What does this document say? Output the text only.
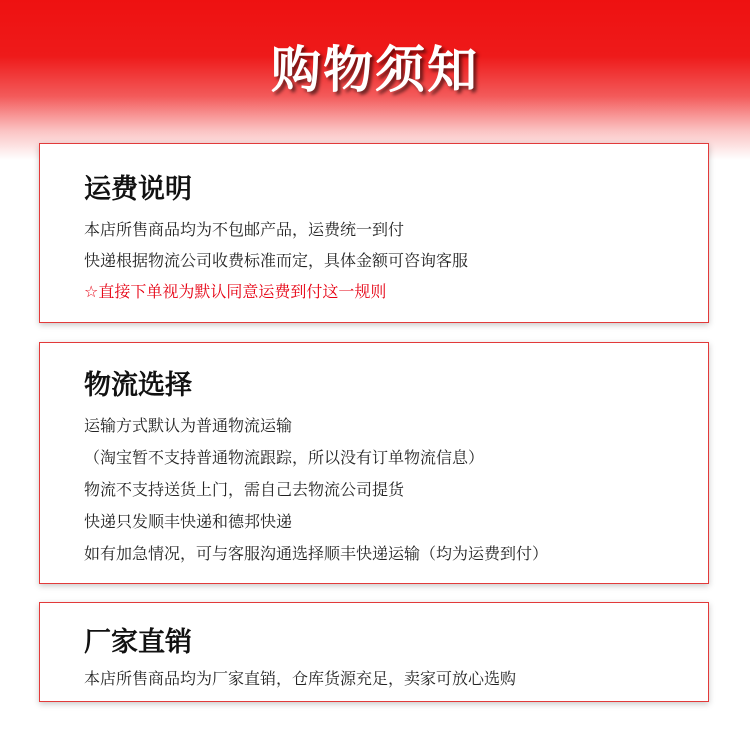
购物须知
运费说明
本店所售商品均为不包邮产品，运费统一到付
快递根据物流公司收费标准而定，具体金额可咨询客服
☆直接下单视为默认同意运费到付这一规则
物流选择
运输方式默认为普通物流运输
（淘宝暂不支持普通物流跟踪，所以没有订单物流信息）
物流不支持送货上门，需自己去物流公司提货
快递只发顺丰快递和德邦快递
如有加急情况，可与客服沟通选择顺丰快递运输（均为运费到付）
厂家直销
本店所售商品均为厂家直销，仓库货源充足，卖家可放心选购
